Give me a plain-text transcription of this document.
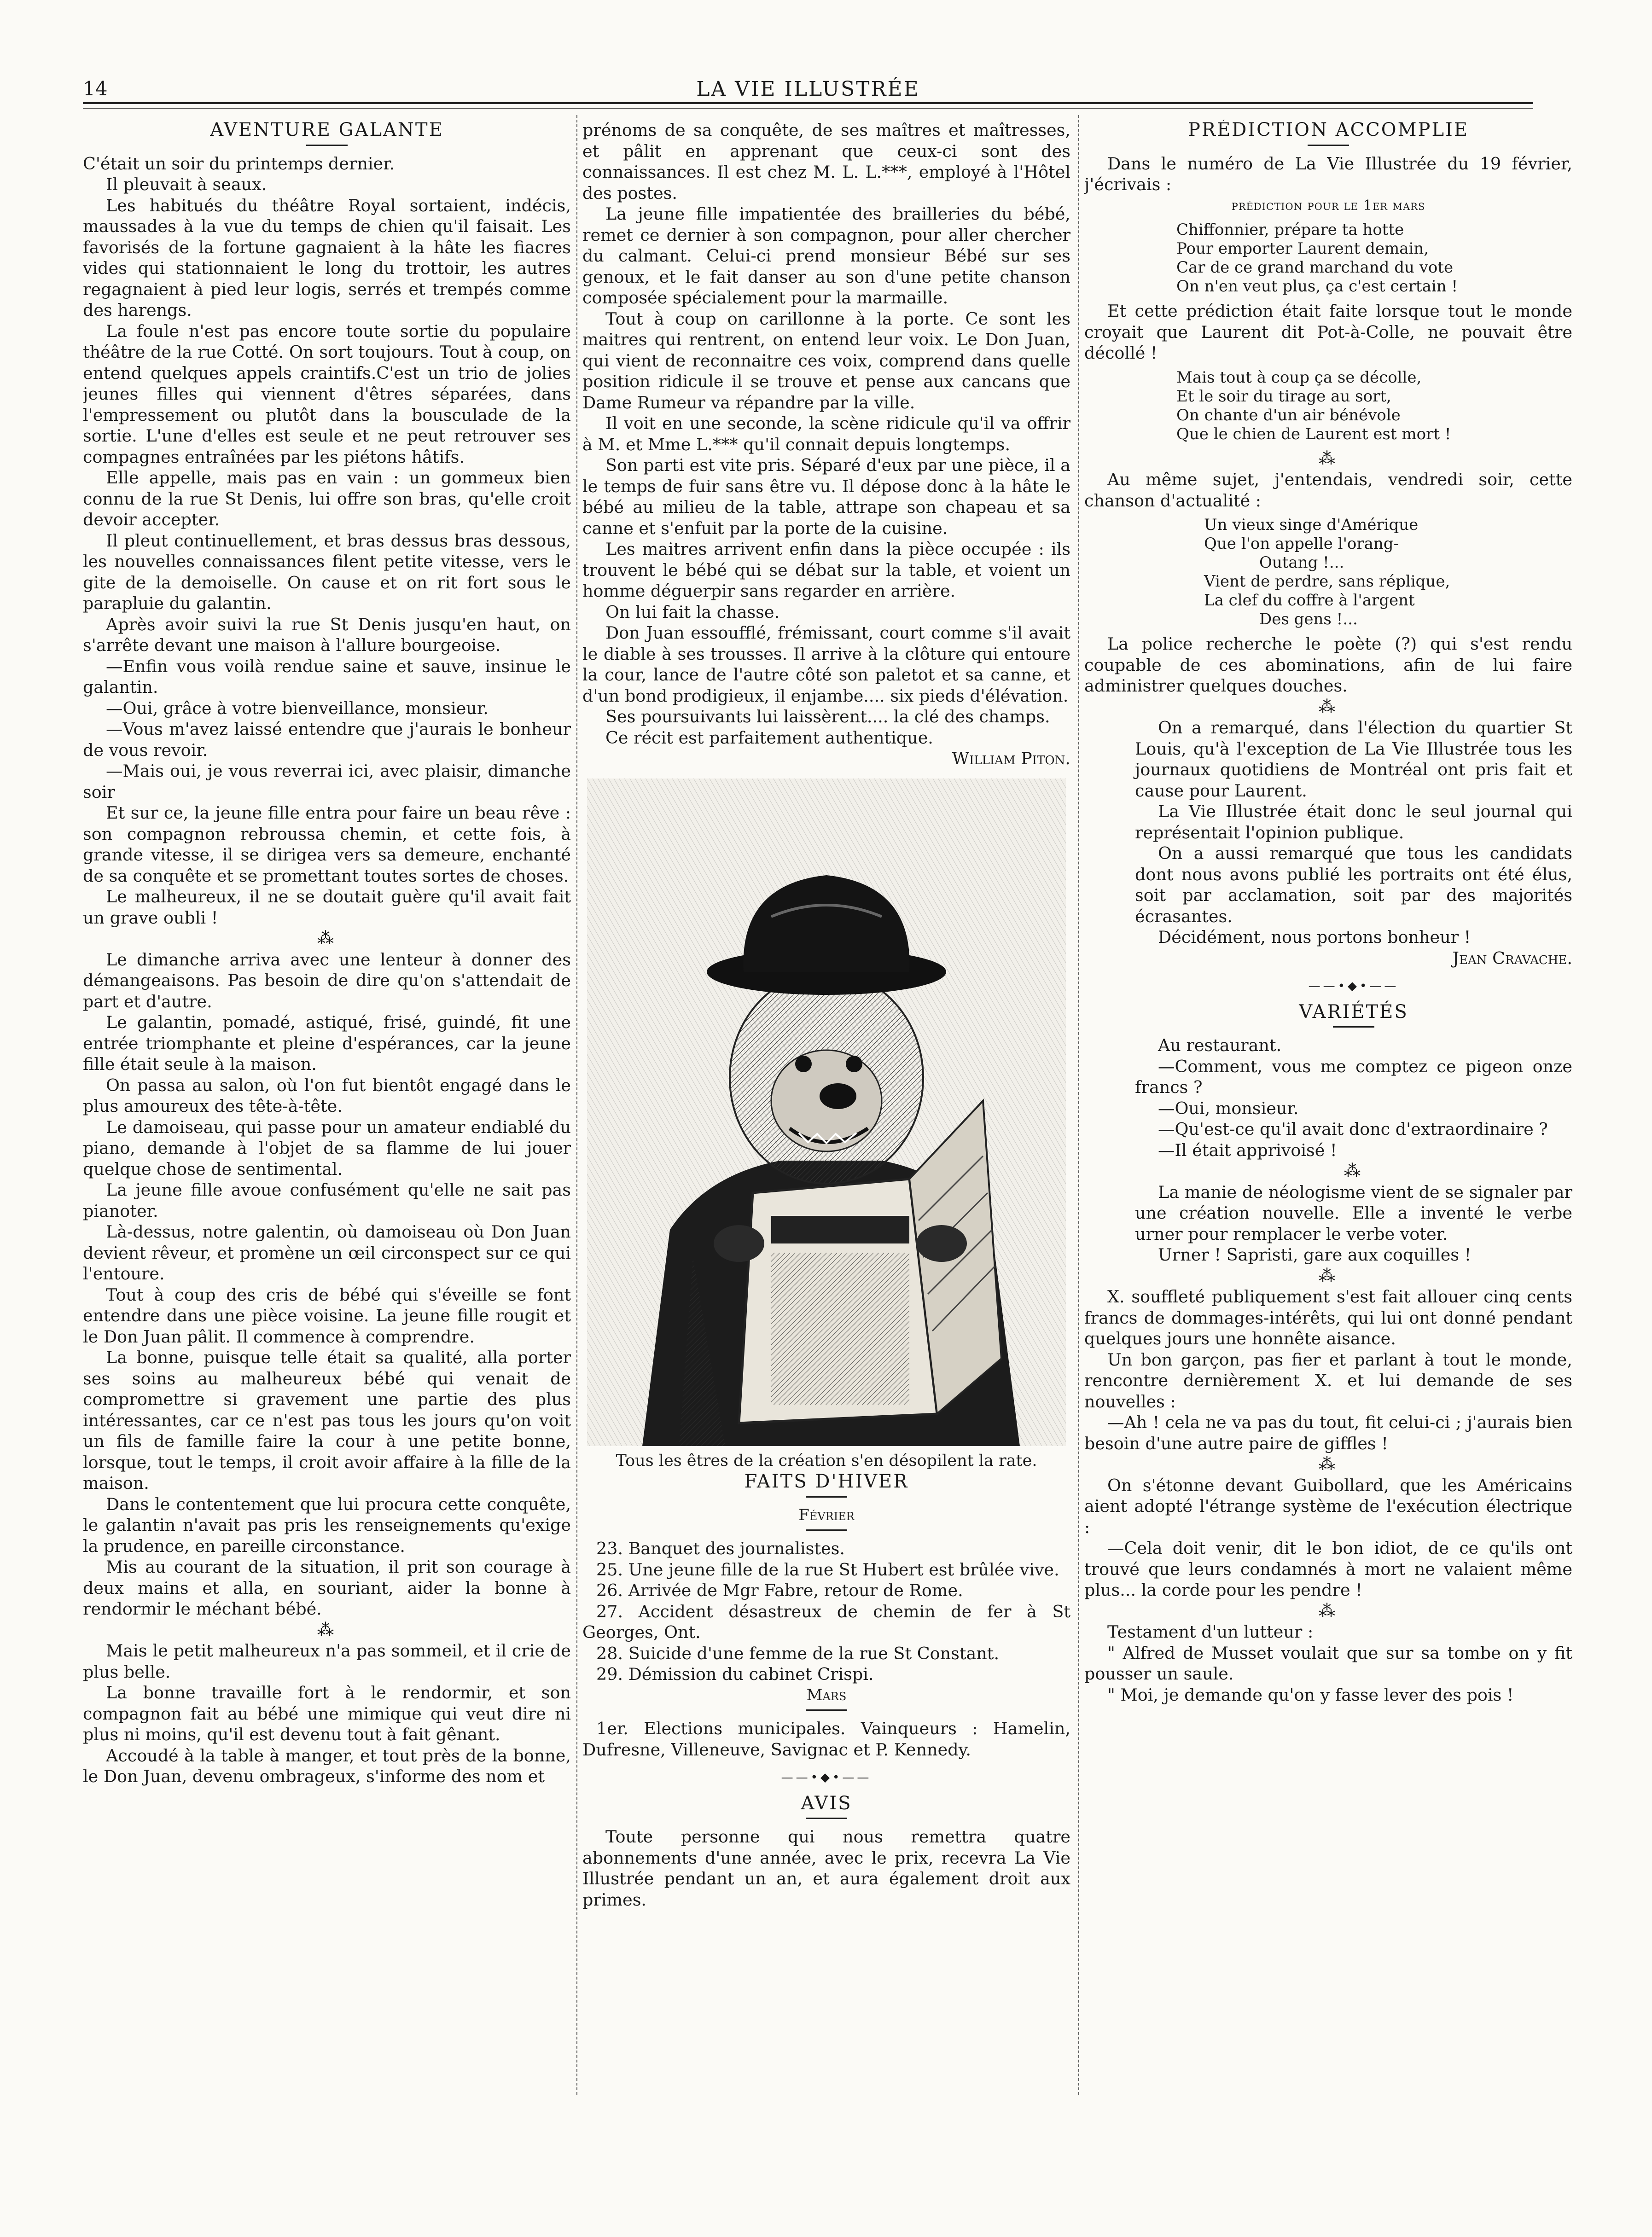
14	LA VIE ILLUSTRÉE

AVENTURE GALANTE

C'était un soir du printemps dernier.

Il pleuvait à seaux.

Les habitués du théâtre Royal sortaient, indécis, maussades à la vue du temps de chien qu'il faisait. Les favorisés de la fortune gagnaient à la hâte les fiacres vides qui stationnaient le long du trottoir, les autres regagnaient à pied leur logis, serrés et trempés comme des harengs.

La foule n'est pas encore toute sortie du populaire théâtre de la rue Cotté. On sort toujours. Tout à coup, on entend quelques appels craintifs.C'est un trio de jolies jeunes filles qui viennent d'êtres séparées, dans l'empressement ou plutôt dans la bousculade de la sortie. L'une d'elles est seule et ne peut retrouver ses compagnes entraînées par les piétons hâtifs.

Elle appelle, mais pas en vain : un gommeux bien connu de la rue St Denis, lui offre son bras, qu'elle croit devoir accepter.

Il pleut continuellement, et bras dessus bras dessous, les nouvelles connaissances filent petite vitesse, vers le gite de la demoiselle. On cause et on rit fort sous le parapluie du galantin.

Après avoir suivi la rue St Denis jusqu'en haut, on s'arrête devant une maison à l'allure bourgeoise.

—Enfin vous voilà rendue saine et sauve, insinue le galantin.

—Oui, grâce à votre bienveillance, monsieur.

—Vous m'avez laissé entendre que j'aurais le bonheur de vous revoir.

—Mais oui, je vous reverrai ici, avec plaisir, dimanche soir

Et sur ce, la jeune fille entra pour faire un beau rêve : son compagnon rebroussa chemin, et cette fois, à grande vitesse, il se dirigea vers sa demeure, enchanté de sa conquête et se promettant toutes sortes de choses.

Le malheureux, il ne se doutait guère qu'il avait fait un grave oubli !

⁂

Le dimanche arriva avec une lenteur à donner des démangeaisons. Pas besoin de dire qu'on s'attendait de part et d'autre.

Le galantin, pomadé, astiqué, frisé, guindé, fit une entrée triomphante et pleine d'espérances, car la jeune fille était seule à la maison.

On passa au salon, où l'on fut bientôt engagé dans le plus amoureux des tête-à-tête.

Le damoiseau, qui passe pour un amateur endiablé du piano, demande à l'objet de sa flamme de lui jouer quelque chose de sentimental.

La jeune fille avoue confusément qu'elle ne sait pas pianoter.

Là-dessus, notre galentin, où damoiseau où Don Juan devient rêveur, et promène un œil circonspect sur ce qui l'entoure.

Tout à coup des cris de bébé qui s'éveille se font entendre dans une pièce voisine. La jeune fille rougit et le Don Juan pâlit. Il commence à comprendre.

La bonne, puisque telle était sa qualité, alla porter ses soins au malheureux bébé qui venait de compromettre si gravement une partie des plus intéressantes, car ce n'est pas tous les jours qu'on voit un fils de famille faire la cour à une petite bonne, lorsque, tout le temps, il croit avoir affaire à la fille de la maison.

Dans le contentement que lui procura cette conquête, le galantin n'avait pas pris les renseignements qu'exige la prudence, en pareille circonstance.

Mis au courant de la situation, il prit son courage à deux mains et alla, en souriant, aider la bonne à rendormir le méchant bébé.

⁂

Mais le petit malheureux n'a pas sommeil, et il crie de plus belle.

La bonne travaille fort à le rendormir, et son compagnon fait au bébé une mimique qui veut dire ni plus ni moins, qu'il est devenu tout à fait gênant.

Accoudé à la table à manger, et tout près de la bonne, le Don Juan, devenu ombrageux, s'informe des nom et

prénoms de sa conquête, de ses maîtres et maîtresses, et pâlit en apprenant que ceux-ci sont des connaissances. Il est chez M. L. L.***, employé à l'Hôtel des postes.

La jeune fille impatientée des brailleries du bébé, remet ce dernier à son compagnon, pour aller chercher du calmant. Celui-ci prend monsieur Bébé sur ses genoux, et le fait danser au son d'une petite chanson composée spécialement pour la marmaille.

Tout à coup on carillonne à la porte. Ce sont les maitres qui rentrent, on entend leur voix. Le Don Juan, qui vient de reconnaitre ces voix, comprend dans quelle position ridicule il se trouve et pense aux cancans que Dame Rumeur va répandre par la ville.

Il voit en une seconde, la scène ridicule qu'il va offrir à M. et Mme L.*** qu'il connait depuis longtemps.

Son parti est vite pris. Séparé d'eux par une pièce, il a le temps de fuir sans être vu. Il dépose donc à la hâte le bébé au milieu de la table, attrape son chapeau et sa canne et s'enfuit par la porte de la cuisine.

Les maitres arrivent enfin dans la pièce occupée : ils trouvent le bébé qui se débat sur la table, et voient un homme déguerpir sans regarder en arrière.

On lui fait la chasse.

Don Juan essoufflé, frémissant, court comme s'il avait le diable à ses trousses. Il arrive à la clôture qui entoure la cour, lance de l'autre côté son paletot et sa canne, et d'un bond prodigieux, il enjambe.... six pieds d'élévation.

Ses poursuivants lui laissèrent.... la clé des champs.

Ce récit est parfaitement authentique.

William Piton.

Tous les êtres de la création s'en désopilent la rate.

FAITS D'HIVER

Février

23. Banquet des journalistes.

25. Une jeune fille de la rue St Hubert est brûlée vive.

26. Arrivée de Mgr Fabre, retour de Rome.

27. Accident désastreux de chemin de fer à St Georges, Ont.

28. Suicide d'une femme de la rue St Constant.

29. Démission du cabinet Crispi.

Mars

1er. Elections municipales. Vainqueurs : Hamelin, Dufresne, Villeneuve, Savignac et P. Kennedy.

——•◆•——

AVIS

Toute personne qui nous remettra quatre abonnements d'une année, avec le prix, recevra La Vie Illustrée pendant un an, et aura également droit aux primes.

PRÉDICTION ACCOMPLIE

Dans le numéro de La Vie Illustrée du 19 février, j'écrivais :

prédiction pour le 1er mars

Chiffonnier, prépare ta hotte
Pour emporter Laurent demain,
Car de ce grand marchand du vote
On n'en veut plus, ça c'est certain !

Et cette prédiction était faite lorsque tout le monde croyait que Laurent dit Pot-à-Colle, ne pouvait être décollé !

Mais tout à coup ça se décolle,
Et le soir du tirage au sort,
On chante d'un air bénévole
Que le chien de Laurent est mort !

⁂

Au même sujet, j'entendais, vendredi soir, cette chanson d'actualité :

Un vieux singe d'Amérique
Que l'on appelle l'orang-
Outang !...
Vient de perdre, sans réplique,
La clef du coffre à l'argent
Des gens !...

La police recherche le poète (?) qui s'est rendu coupable de ces abominations, afin de lui faire administrer quelques douches.

⁂

On a remarqué, dans l'élection du quartier St Louis, qu'à l'exception de La Vie Illustrée tous les journaux quotidiens de Montréal ont pris fait et cause pour Laurent.

La Vie Illustrée était donc le seul journal qui représentait l'opinion publique.

On a aussi remarqué que tous les candidats dont nous avons publié les portraits ont été élus, soit par acclamation, soit par des majorités écrasantes.

Décidément, nous portons bonheur !

Jean Cravache.

——•◆•——

VARIÉTÉS

Au restaurant.

—Comment, vous me comptez ce pigeon onze francs ?

—Oui, monsieur.

—Qu'est-ce qu'il avait donc d'extraordinaire ?

—Il était apprivoisé !

⁂

La manie de néologisme vient de se signaler par une création nouvelle. Elle a inventé le verbe urner pour remplacer le verbe voter.

Urner ! Sapristi, gare aux coquilles !

⁂

X. souffleté publiquement s'est fait allouer cinq cents francs de dommages-intérêts, qui lui ont donné pendant quelques jours une honnête aisance.

Un bon garçon, pas fier et parlant à tout le monde, rencontre dernièrement X. et lui demande de ses nouvelles :

—Ah ! cela ne va pas du tout, fit celui-ci ; j'aurais bien besoin d'une autre paire de giffles !

⁂

On s'étonne devant Guibollard, que les Américains aient adopté l'étrange système de l'exécution électrique :

—Cela doit venir, dit le bon idiot, de ce qu'ils ont trouvé que leurs condamnés à mort ne valaient même plus... la corde pour les pendre !

⁂

Testament d'un lutteur :

" Alfred de Musset voulait que sur sa tombe on y fit pousser un saule.

" Moi, je demande qu'on y fasse lever des pois !
